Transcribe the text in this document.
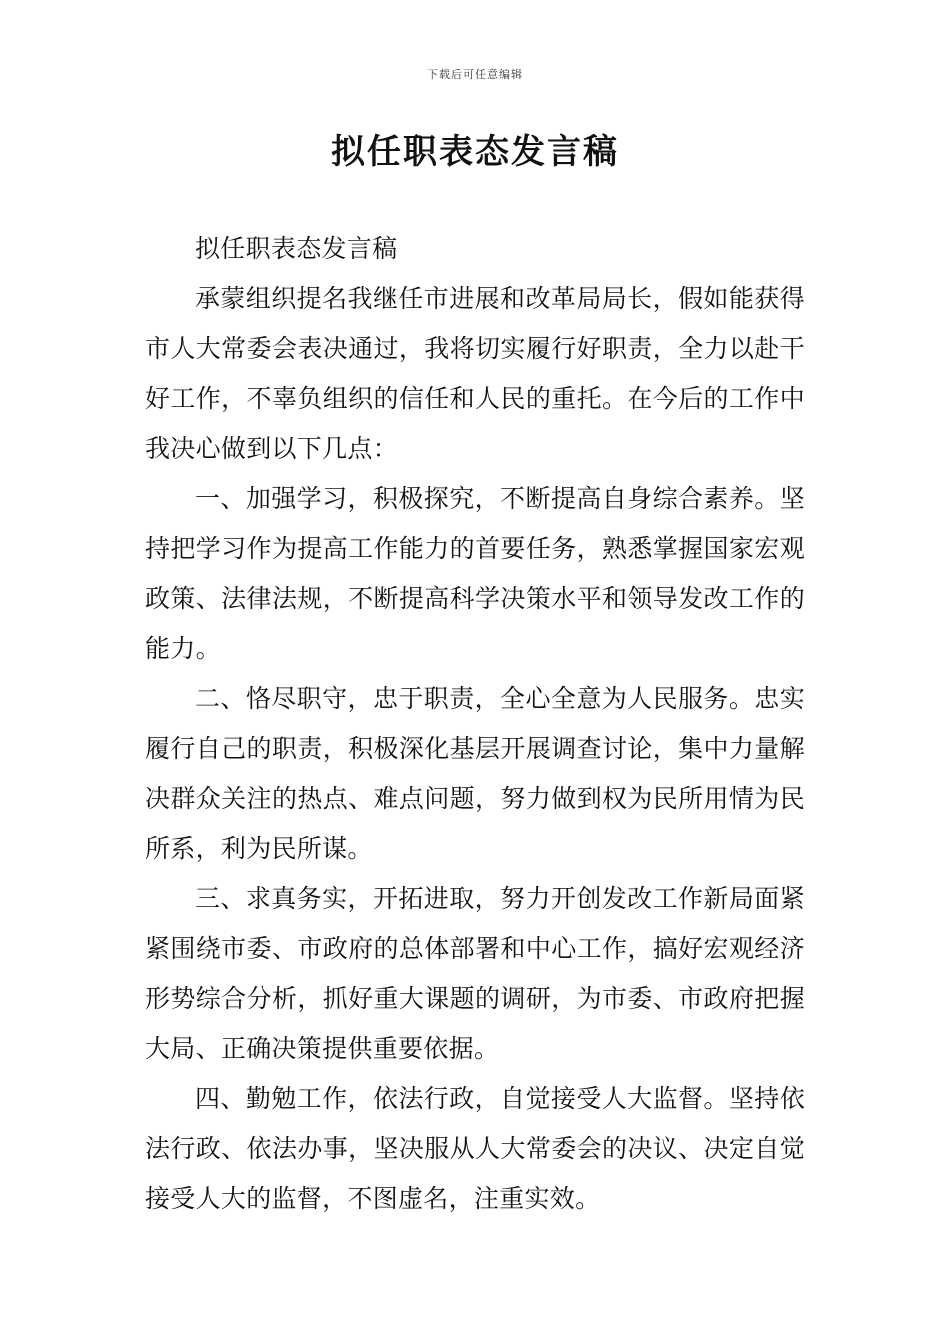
下载后可任意编辑
拟任职表态发言稿

拟任职表态发言稿

承蒙组织提名我继任市进展和改革局局长，假如能获得市人大常委会表决通过，我将切实履行好职责，全力以赴干好工作，不辜负组织的信任和人民的重托。在今后的工作中我决心做到以下几点：

一、加强学习，积极探究，不断提高自身综合素养。坚持把学习作为提高工作能力的首要任务，熟悉掌握国家宏观政策、法律法规，不断提高科学决策水平和领导发改工作的能力。

二、恪尽职守，忠于职责，全心全意为人民服务。忠实履行自己的职责，积极深化基层开展调查讨论，集中力量解决群众关注的热点、难点问题，努力做到权为民所用情为民所系，利为民所谋。

三、求真务实，开拓进取，努力开创发改工作新局面紧紧围绕市委、市政府的总体部署和中心工作，搞好宏观经济形势综合分析，抓好重大课题的调研，为市委、市政府把握大局、正确决策提供重要依据。

四、勤勉工作，依法行政，自觉接受人大监督。坚持依法行政、依法办事，坚决服从人大常委会的决议、决定自觉接受人大的监督，不图虚名，注重实效。
